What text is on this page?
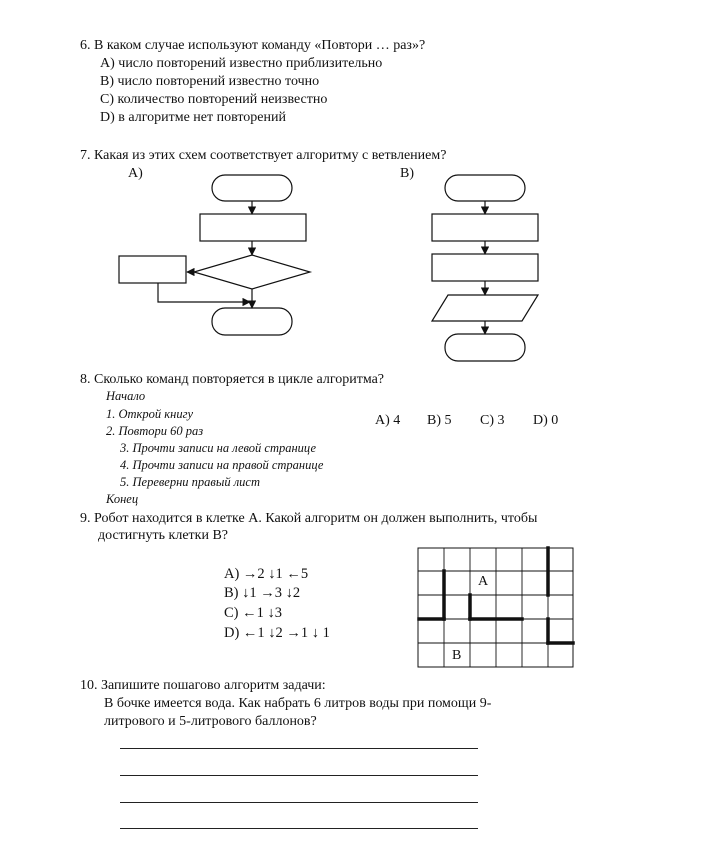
6. В каком случае используют команду «Повтори … раз»?
A) число повторений известно приблизительно
B) число повторений известно точно
C) количество повторений неизвестно
D) в алгоритме нет повторений
7. Какая из этих схем соответствует алгоритму с ветвлением?
A)	B)
8. Сколько команд повторяется в цикле алгоритма?
Начало
1. Открой книгу
2. Повтори 60 раз
3. Прочти записи на левой странице
4. Прочти записи на правой странице
5. Переверни правый лист
Конец
A) 4 B) 5 C) 3 D) 0
9. Робот находится в клетке A. Какой алгоритм он должен выполнить, чтобы
достигнуть клетки B?
A) →2 ↓1 ←5
B) ↓1 →3 ↓2
C) ←1 ↓3
D) ←1 ↓2 →1 ↓ 1
A
B
10. Запишите пошагово алгоритм задачи:
В бочке имеется вода. Как набрать 6 литров воды при помощи 9-
литрового и 5-литрового баллонов?
